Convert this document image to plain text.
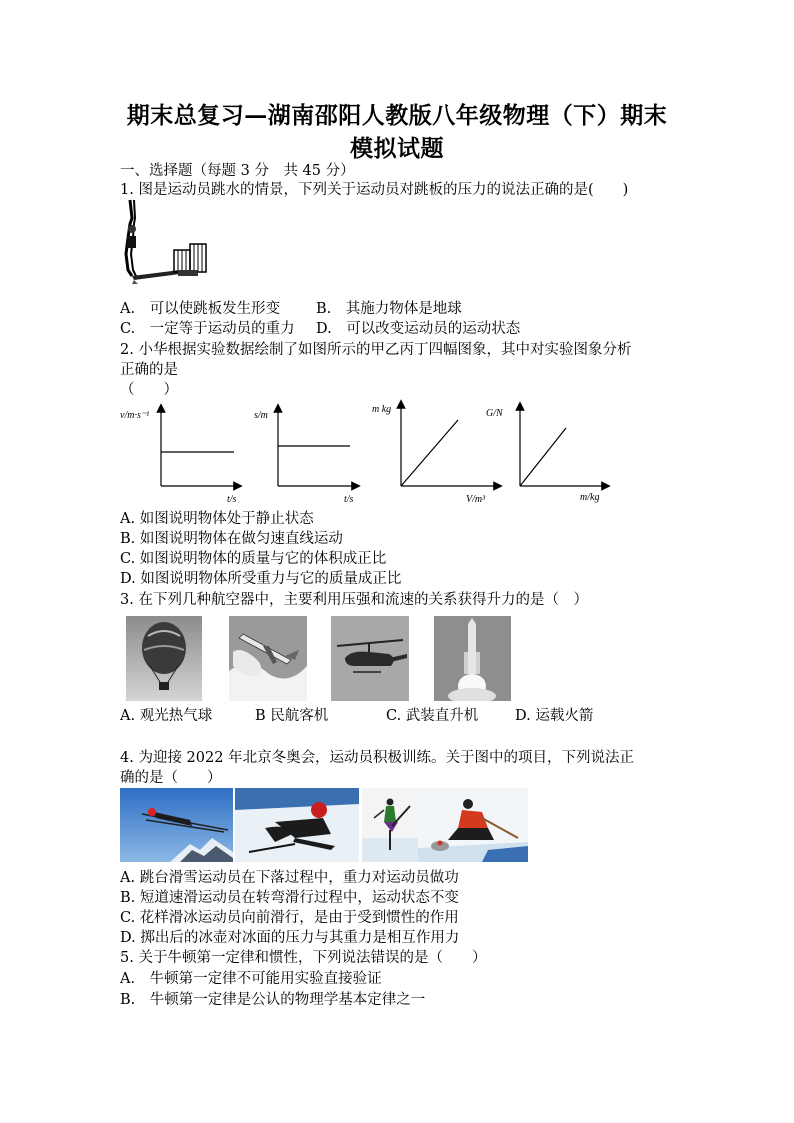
期末总复习—湖南邵阳人教版八年级物理（下）期末
模拟试题
一、选择题（每题 3 分　共 45 分）
1. 图是运动员跳水的情景，下列关于运动员对跳板的压力的说法正确的是(　　)
A.　可以使跳板发生形变 B.　其施力物体是地球
C.　一定等于运动员的重力 D.　可以改变运动员的运动状态
2. 小华根据实验数据绘制了如图所示的甲乙丙丁四幅图象，其中对实验图象分析
正确的是
（　　）
v/m·s⁻¹
t/s
s/m
t/s
m kg
V/m³
G/N
m/kg
A. 如图说明物体处于静止状态
B. 如图说明物体在做匀速直线运动
C. 如图说明物体的质量与它的体积成正比
D. 如图说明物体所受重力与它的质量成正比
3. 在下列几种航空器中，主要利用压强和流速的关系获得升力的是（　）
A. 观光热气球	B 民航客机	C. 武装直升机	D. 运载火箭
4. 为迎接 2022 年北京冬奥会，运动员积极训练。关于图中的项目，下列说法正
确的是（　　）
A. 跳台滑雪运动员在下落过程中，重力对运动员做功
B. 短道速滑运动员在转弯滑行过程中，运动状态不变
C. 花样滑冰运动员向前滑行，是由于受到惯性的作用
D. 掷出后的冰壶对冰面的压力与其重力是相互作用力
5. 关于牛顿第一定律和惯性，下列说法错误的是（　　）
A.　牛顿第一定律不可能用实验直接验证
B.　牛顿第一定律是公认的物理学基本定律之一
